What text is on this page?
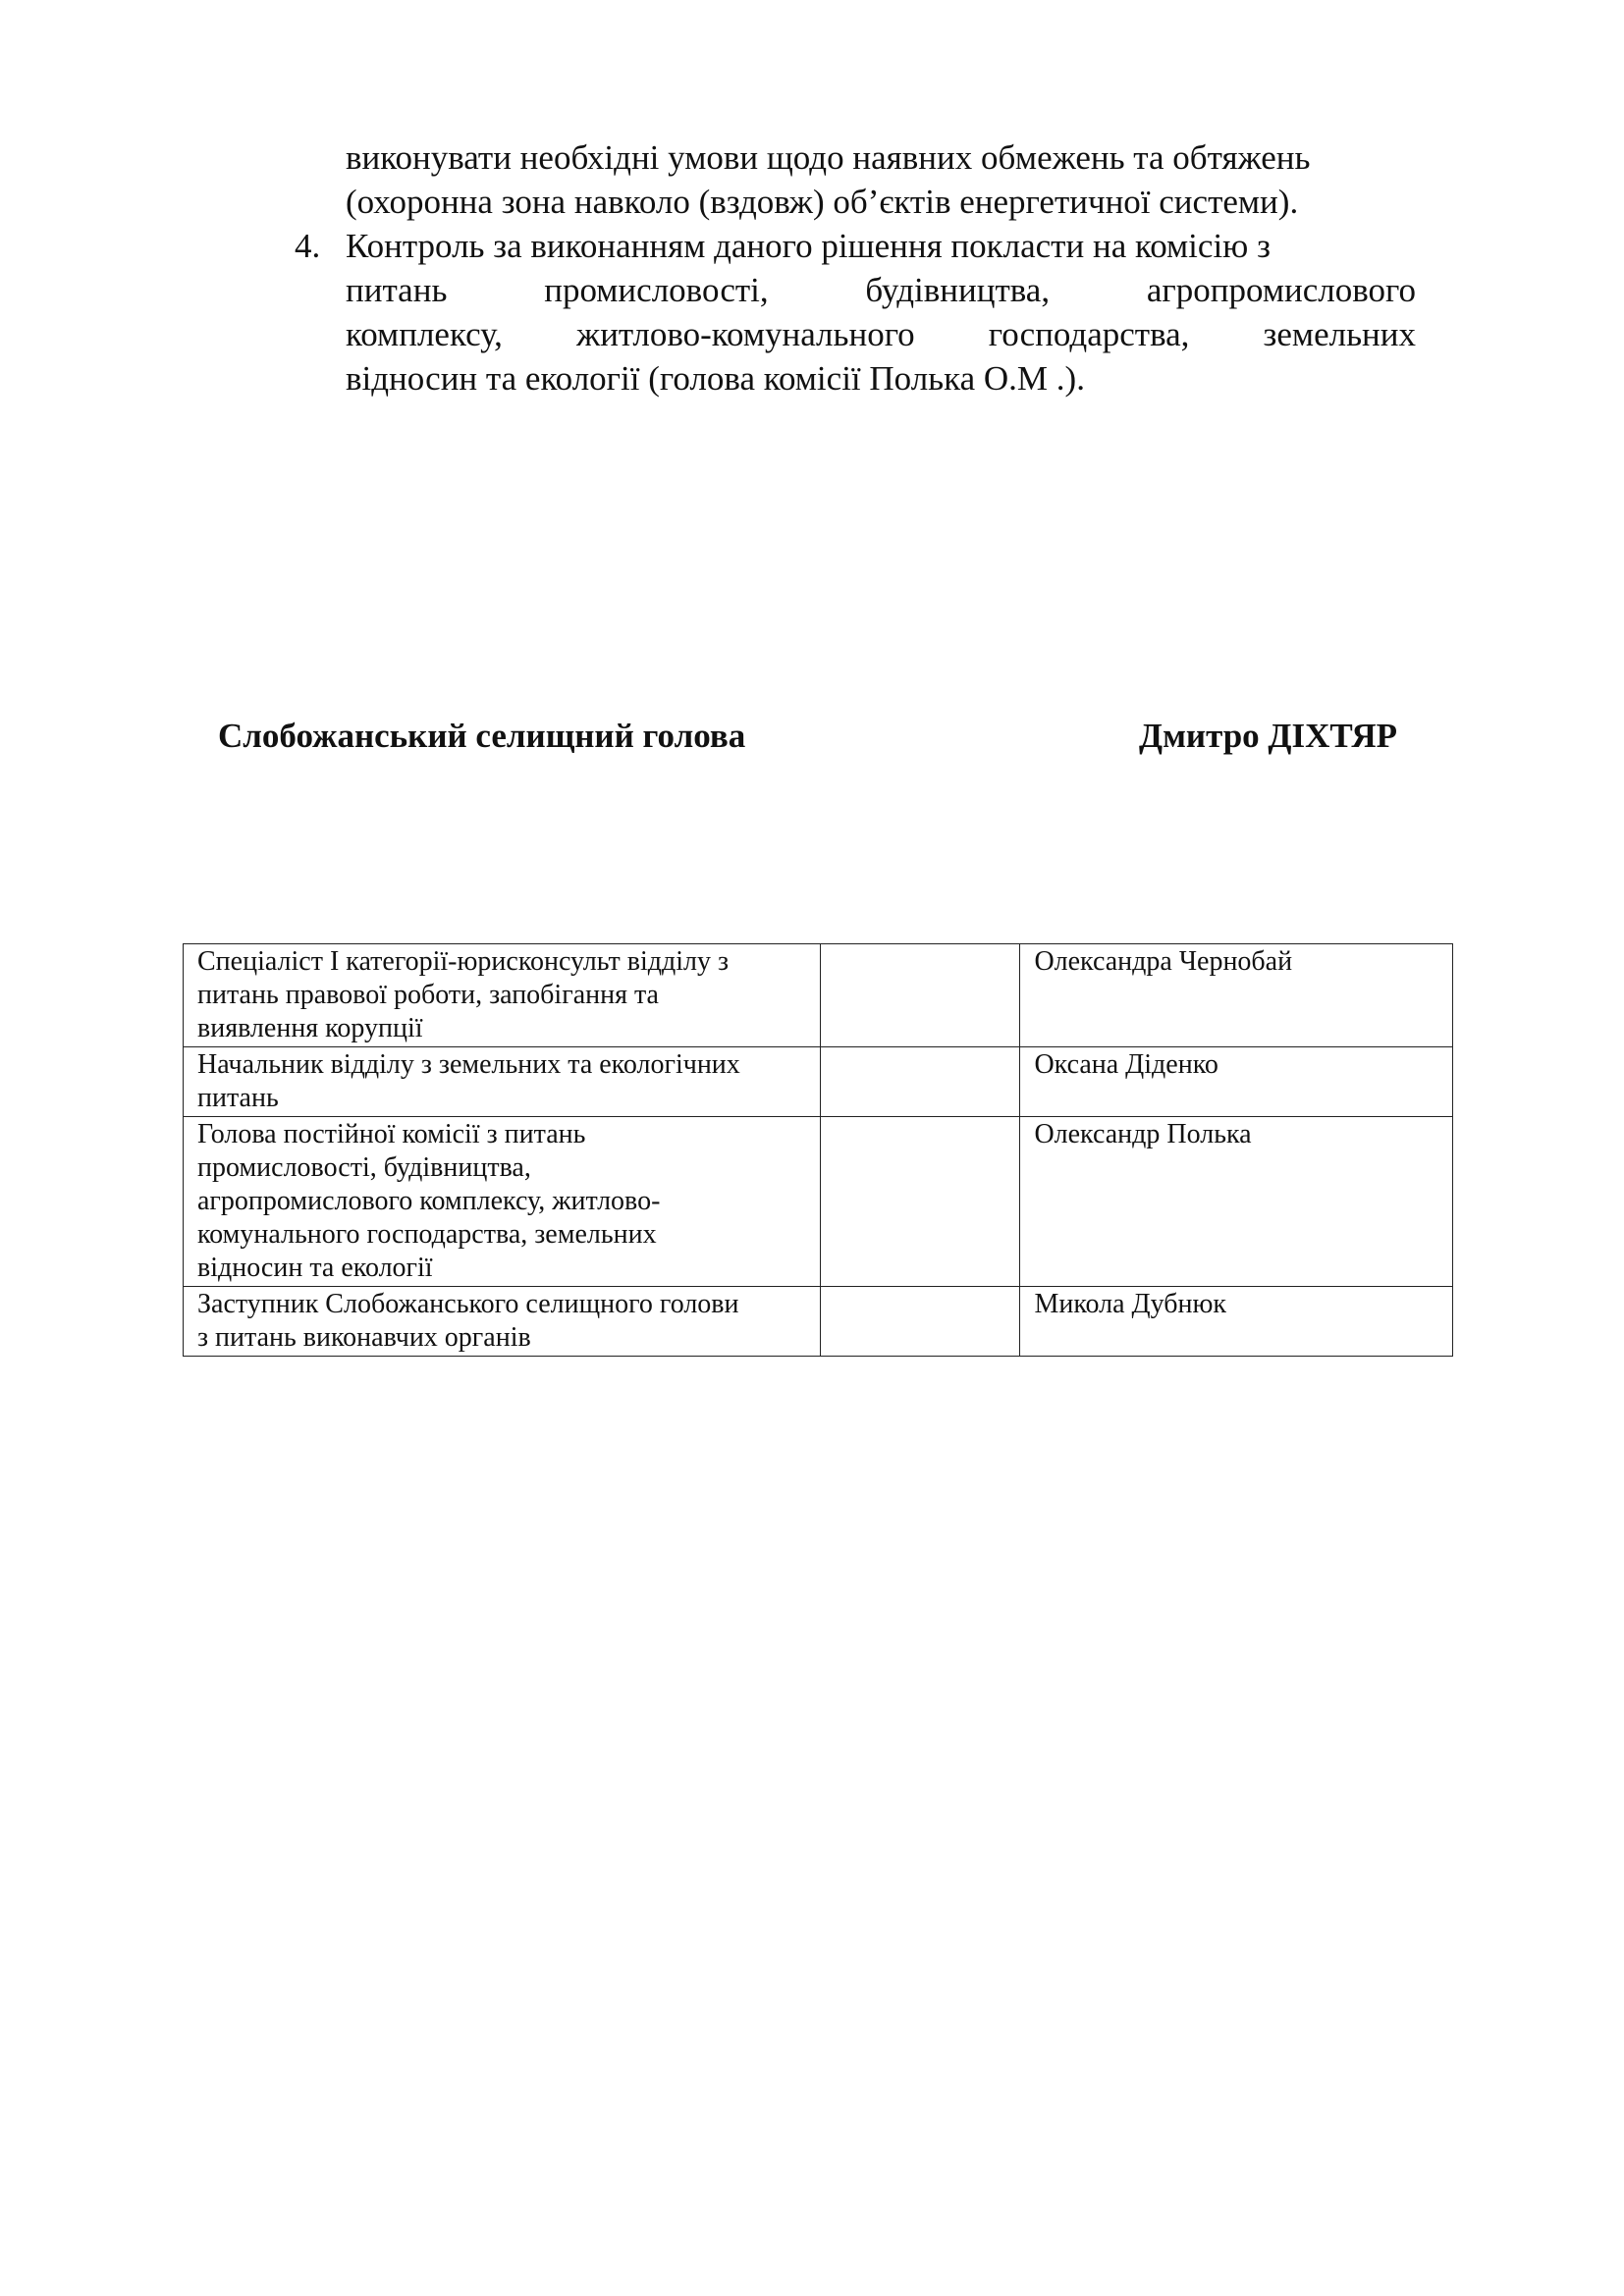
виконувати необхідні умови щодо наявних обмежень та обтяжень
(охоронна зона навколо (вздовж) об’єктів енергетичної системи).
4. Контроль за виконанням даного рішення покласти на комісію з
питань промисловості, будівництва, агропромислового
комплексу, житлово-комунального господарства, земельних
відносин та екології (голова комісії Полька О.М .).
Слобожанський селищний голова	Дмитро ДІХТЯР
Спеціаліст І категорії-юрисконсульт відділу з
питань правової роботи, запобігання та
виявлення корупції		Олександра Чернобай

Начальник відділу з земельних та екологічних
питань		Оксана Діденко

Голова постійної комісії з питань
промисловості, будівництва,
агропромислового комплексу, житлово-
комунального господарства, земельних
відносин та екології		Олександр Полька

Заступник Слобожанського селищного голови
з питань виконавчих органів		Микола Дубнюк
